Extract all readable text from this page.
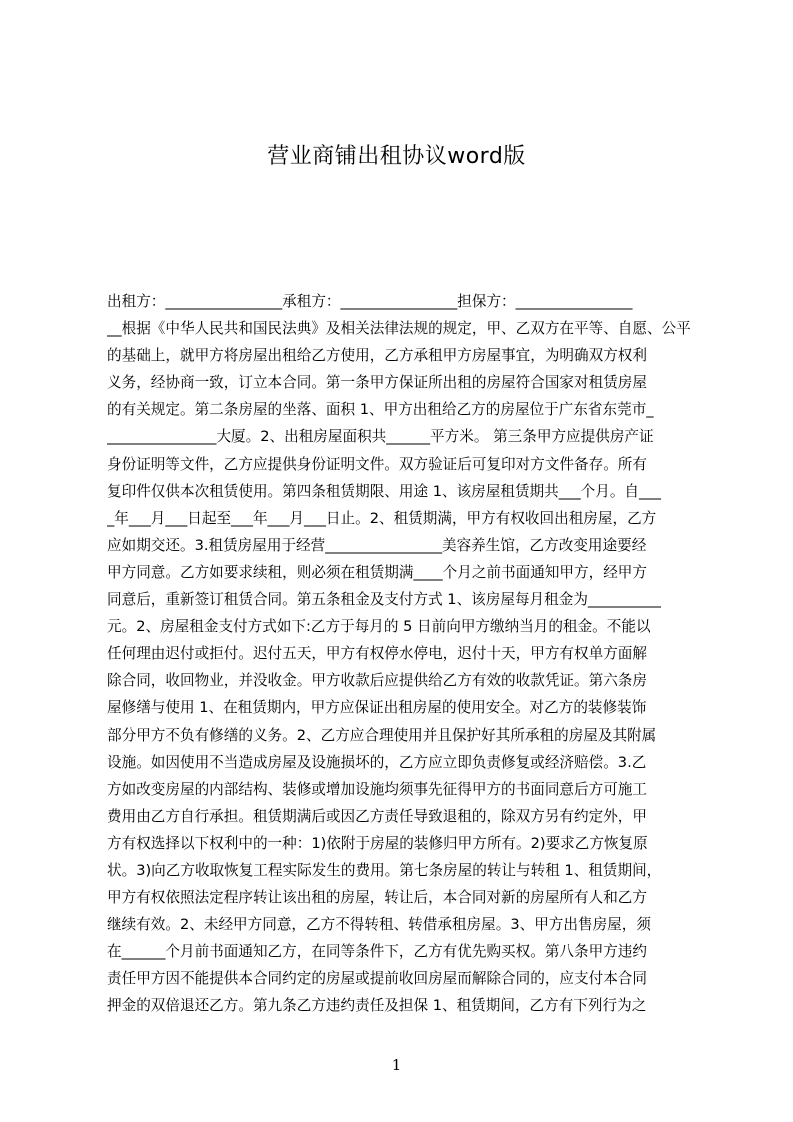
营业商铺出租协议word版
出租方：________________承租方：________________担保方：________________
__根据《中华人民共和国民法典》及相关法律法规的规定，甲、乙双方在平等、自愿、公平
的基础上，就甲方将房屋出租给乙方使用，乙方承租甲方房屋事宜，为明确双方权利
义务，经协商一致，订立本合同。第一条甲方保证所出租的房屋符合国家对租赁房屋
的有关规定。第二条房屋的坐落、面积 1、甲方出租给乙方的房屋位于广东省东莞市_
_______________大厦。2、出租房屋面积共______平方米。 第三条甲方应提供房产证
身份证明等文件，乙方应提供身份证明文件。双方验证后可复印对方文件备存。所有
复印件仅供本次租赁使用。第四条租赁期限、用途 1、该房屋租赁期共___个月。自___
_年___月___日起至___年___月___日止。2、租赁期满，甲方有权收回出租房屋，乙方
应如期交还。3.租赁房屋用于经营________________美容养生馆，乙方改变用途要经
甲方同意。乙方如要求续租，则必须在租赁期满____个月之前书面通知甲方，经甲方
同意后，重新签订租赁合同。第五条租金及支付方式 1、该房屋每月租金为__________
元。2、房屋租金支付方式如下:乙方于每月的 5 日前向甲方缴纳当月的租金。不能以
任何理由迟付或拒付。迟付五天，甲方有权停水停电，迟付十天，甲方有权单方面解
除合同，收回物业，并没收金。甲方收款后应提供给乙方有效的收款凭证。第六条房
屋修缮与使用 1、在租赁期内，甲方应保证出租房屋的使用安全。对乙方的装修装饰
部分甲方不负有修缮的义务。2、乙方应合理使用并且保护好其所承租的房屋及其附属
设施。如因使用不当造成房屋及设施损坏的，乙方应立即负责修复或经济赔偿。3.乙
方如改变房屋的内部结构、装修或增加设施均须事先征得甲方的书面同意后方可施工
费用由乙方自行承担。租赁期满后或因乙方责任导致退租的，除双方另有约定外，甲
方有权选择以下权利中的一种：1)依附于房屋的装修归甲方所有。2)要求乙方恢复原
状。3)向乙方收取恢复工程实际发生的费用。第七条房屋的转让与转租 1、租赁期间，
甲方有权依照法定程序转让该出租的房屋，转让后，本合同对新的房屋所有人和乙方
继续有效。2、未经甲方同意，乙方不得转租、转借承租房屋。3、甲方出售房屋，须
在______个月前书面通知乙方，在同等条件下，乙方有优先购买权。第八条甲方违约
责任甲方因不能提供本合同约定的房屋或提前收回房屋而解除合同的，应支付本合同
押金的双倍退还乙方。第九条乙方违约责任及担保 1、租赁期间，乙方有下列行为之
1
